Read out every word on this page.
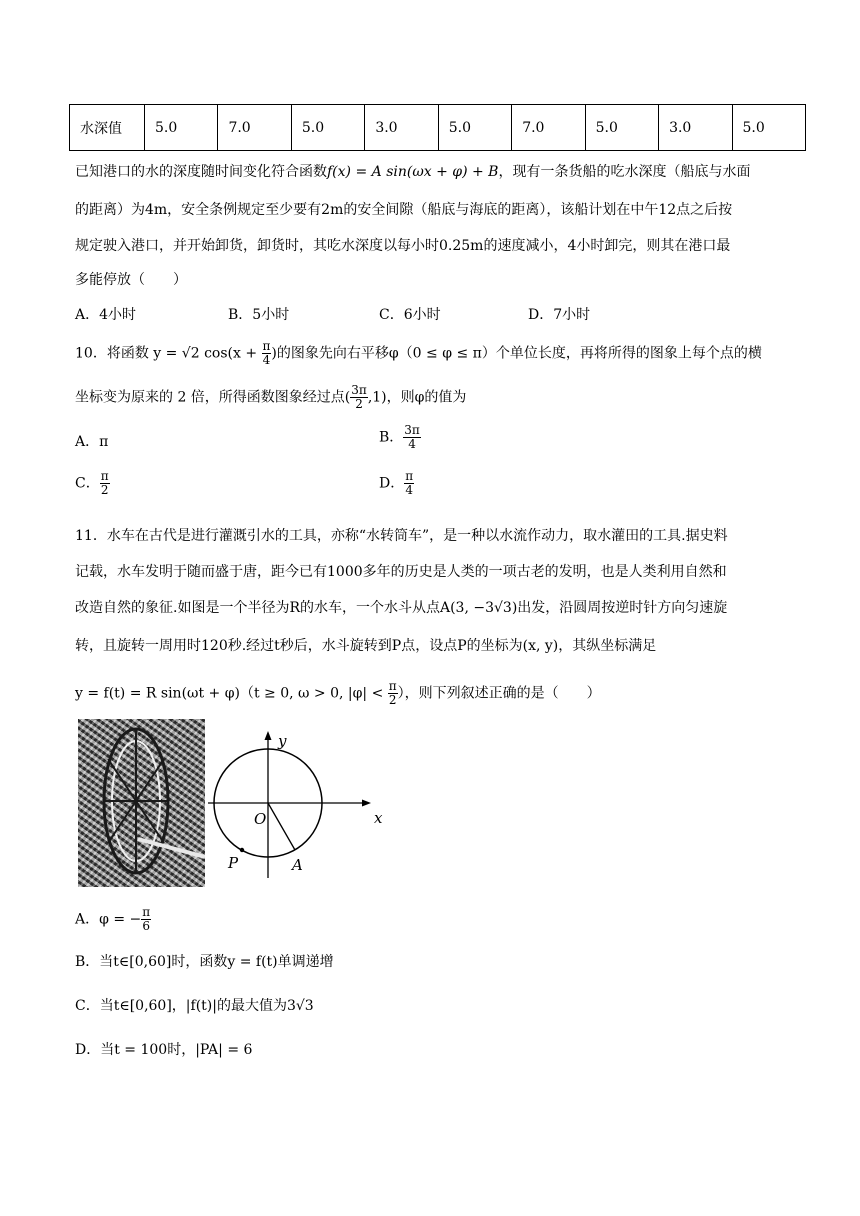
水深值	5.0	7.0	5.0	3.0	5.0	7.0	5.0	3.0	5.0
已知港口的水的深度随时间变化符合函数f(x) = A sin(ωx + φ) + B，现有一条货船的吃水深度（船底与水面
的距离）为4m，安全条例规定至少要有2m的安全间隙（船底与海底的距离），该船计划在中午12点之后按
规定驶入港口，并开始卸货，卸货时，其吃水深度以每小时0.25m的速度减小，4小时卸完，则其在港口最
多能停放（　　）
A．4小时	B．5小时	C．6小时	D．7小时
10．将函数 y = √2 $\cos(x + \frac{\pi}{4}$ )的图象先向右平移φ（0 ≤ φ ≤ π）个单位长度，再将所得的图象上每个点的横
坐标变为原来的 2 倍，所得函数图象经过点( $\frac{3\pi}{2} ,1$)，则φ的值为
A．π	B． $\frac{3\pi}{4}$
C． $\frac{\pi}{2}$	D． $\frac{\pi}{4}$
11．水车在古代是进行灌溉引水的工具，亦称“水转筒车”，是一种以水流作动力，取水灌田的工具.据史料
记载，水车发明于随而盛于唐，距今已有1000多年的历史是人类的一项古老的发明，也是人类利用自然和
改造自然的象征.如图是一个半径为R的水车，一个水斗从点A(3, −3√3)出发，沿圆周按逆时针方向匀速旋
转，且旋转一周用时120秒.经过t秒后，水斗旋转到P点，设点P的坐标为(x, y)，其纵坐标满足
y = f(t) = R sin(ωt + φ)（t ≥ 0, ω > 0, $|\varphi| < \frac{\pi}{2}$ ），则下列叙述正确的是（　　）
y
x
O
P	A
A．φ = − $\frac{\pi}{6}$
B．当t∈[0,60]时，函数y = f(t)单调递增
C．当t∈[0,60]，|f(t)|的最大值为3√3
D．当t = 100时，|PA| = 6
